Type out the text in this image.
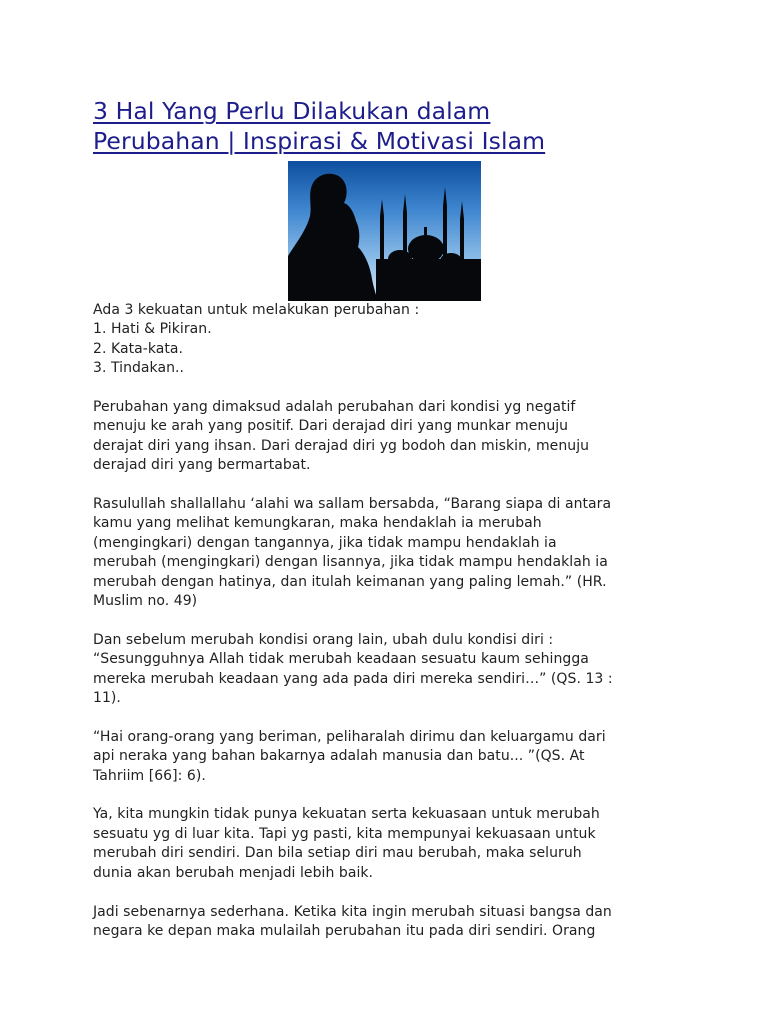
3 Hal Yang Perlu Dilakukan dalam
Perubahan | Inspirasi & Motivasi Islam

Ada 3 kekuatan untuk melakukan perubahan :

1. Hati & Pikiran.

2. Kata-kata.

3. Tindakan..

Perubahan yang dimaksud adalah perubahan dari kondisi yg negatif

menuju ke arah yang positif. Dari derajad diri yang munkar menuju

derajat diri yang ihsan. Dari derajad diri yg bodoh dan miskin, menuju

derajad diri yang bermartabat.

Rasulullah shallallahu ‘alahi wa sallam bersabda, “Barang siapa di antara

kamu yang melihat kemungkaran, maka hendaklah ia merubah

(mengingkari) dengan tangannya, jika tidak mampu hendaklah ia

merubah (mengingkari) dengan lisannya, jika tidak mampu hendaklah ia

merubah dengan hatinya, dan itulah keimanan yang paling lemah.” (HR.

Muslim no. 49)

Dan sebelum merubah kondisi orang lain, ubah dulu kondisi diri :

“Sesungguhnya Allah tidak merubah keadaan sesuatu kaum sehingga

mereka merubah keadaan yang ada pada diri mereka sendiri…” (QS. 13 :

11).

“Hai orang-orang yang beriman, peliharalah dirimu dan keluargamu dari

api neraka yang bahan bakarnya adalah manusia dan batu... ”(QS. At

Tahriim [66]: 6).

Ya, kita mungkin tidak punya kekuatan serta kekuasaan untuk merubah

sesuatu yg di luar kita. Tapi yg pasti, kita mempunyai kekuasaan untuk

merubah diri sendiri. Dan bila setiap diri mau berubah, maka seluruh

dunia akan berubah menjadi lebih baik.

Jadi sebenarnya sederhana. Ketika kita ingin merubah situasi bangsa dan

negara ke depan maka mulailah perubahan itu pada diri sendiri. Orang
